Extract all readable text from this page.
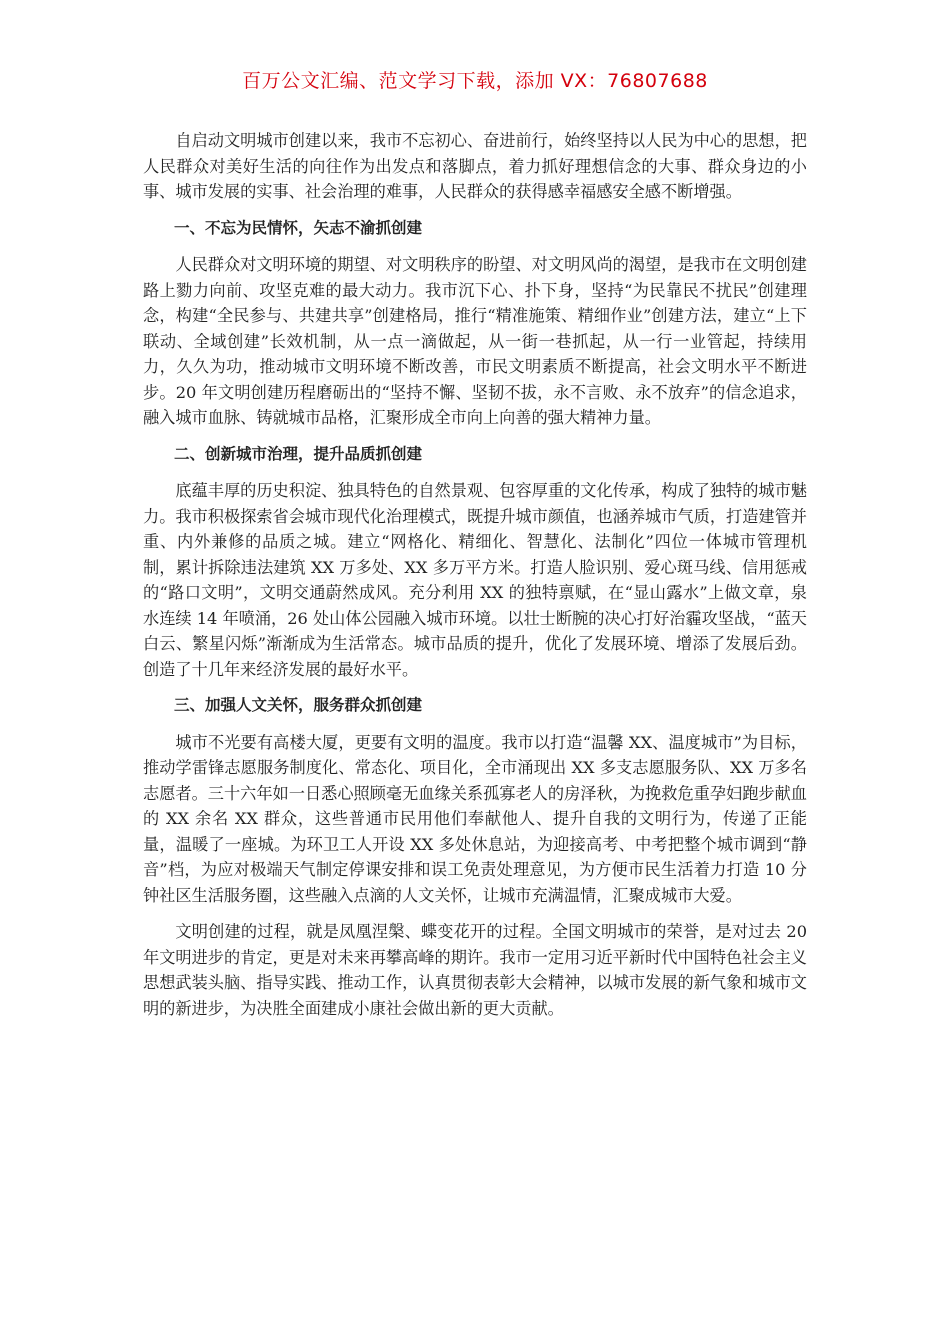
百万公文汇编、范文学习下载，添加 VX：76807688

自启动文明城市创建以来，我市不忘初心、奋进前行，始终坚持以人民为中心的思想，把人民群众对美好生活的向往作为出发点和落脚点，着力抓好理想信念的大事、群众身边的小事、城市发展的实事、社会治理的难事，人民群众的获得感幸福感安全感不断增强。

一、不忘为民情怀，矢志不渝抓创建

人民群众对文明环境的期望、对文明秩序的盼望、对文明风尚的渴望，是我市在文明创建路上勠力向前、攻坚克难的最大动力。我市沉下心、扑下身，坚持“为民靠民不扰民”创建理念，构建“全民参与、共建共享”创建格局，推行“精准施策、精细作业”创建方法，建立“上下联动、全域创建”长效机制，从一点一滴做起，从一街一巷抓起，从一行一业管起，持续用力，久久为功，推动城市文明环境不断改善，市民文明素质不断提高，社会文明水平不断进步。20 年文明创建历程磨砺出的“坚持不懈、坚韧不拔，永不言败、永不放弃”的信念追求，融入城市血脉、铸就城市品格，汇聚形成全市向上向善的强大精神力量。

二、创新城市治理，提升品质抓创建

底蕴丰厚的历史积淀、独具特色的自然景观、包容厚重的文化传承，构成了独特的城市魅力。我市积极探索省会城市现代化治理模式，既提升城市颜值，也涵养城市气质，打造建管并重、内外兼修的品质之城。建立“网格化、精细化、智慧化、法制化”四位一体城市管理机制，累计拆除违法建筑 XX 万多处、XX 多万平方米。打造人脸识别、爱心斑马线、信用惩戒的“路口文明”，文明交通蔚然成风。充分利用 XX 的独特禀赋，在“显山露水”上做文章，泉水连续 14 年喷涌，26 处山体公园融入城市环境。以壮士断腕的决心打好治霾攻坚战，“蓝天白云、繁星闪烁”渐渐成为生活常态。城市品质的提升，优化了发展环境、增添了发展后劲。创造了十几年来经济发展的最好水平。

三、加强人文关怀，服务群众抓创建

城市不光要有高楼大厦，更要有文明的温度。我市以打造“温馨 XX、温度城市”为目标，推动学雷锋志愿服务制度化、常态化、项目化，全市涌现出 XX 多支志愿服务队、XX 万多名志愿者。三十六年如一日悉心照顾毫无血缘关系孤寡老人的房泽秋，为挽救危重孕妇跑步献血的 XX 余名 XX 群众，这些普通市民用他们奉献他人、提升自我的文明行为，传递了正能量，温暖了一座城。为环卫工人开设 XX 多处休息站，为迎接高考、中考把整个城市调到“静音”档，为应对极端天气制定停课安排和误工免责处理意见，为方便市民生活着力打造 10 分钟社区生活服务圈，这些融入点滴的人文关怀，让城市充满温情，汇聚成城市大爱。

文明创建的过程，就是凤凰涅槃、蝶变花开的过程。全国文明城市的荣誉，是对过去 20 年文明进步的肯定，更是对未来再攀高峰的期许。我市一定用习近平新时代中国特色社会主义思想武装头脑、指导实践、推动工作，认真贯彻表彰大会精神，以城市发展的新气象和城市文明的新进步，为决胜全面建成小康社会做出新的更大贡献。
